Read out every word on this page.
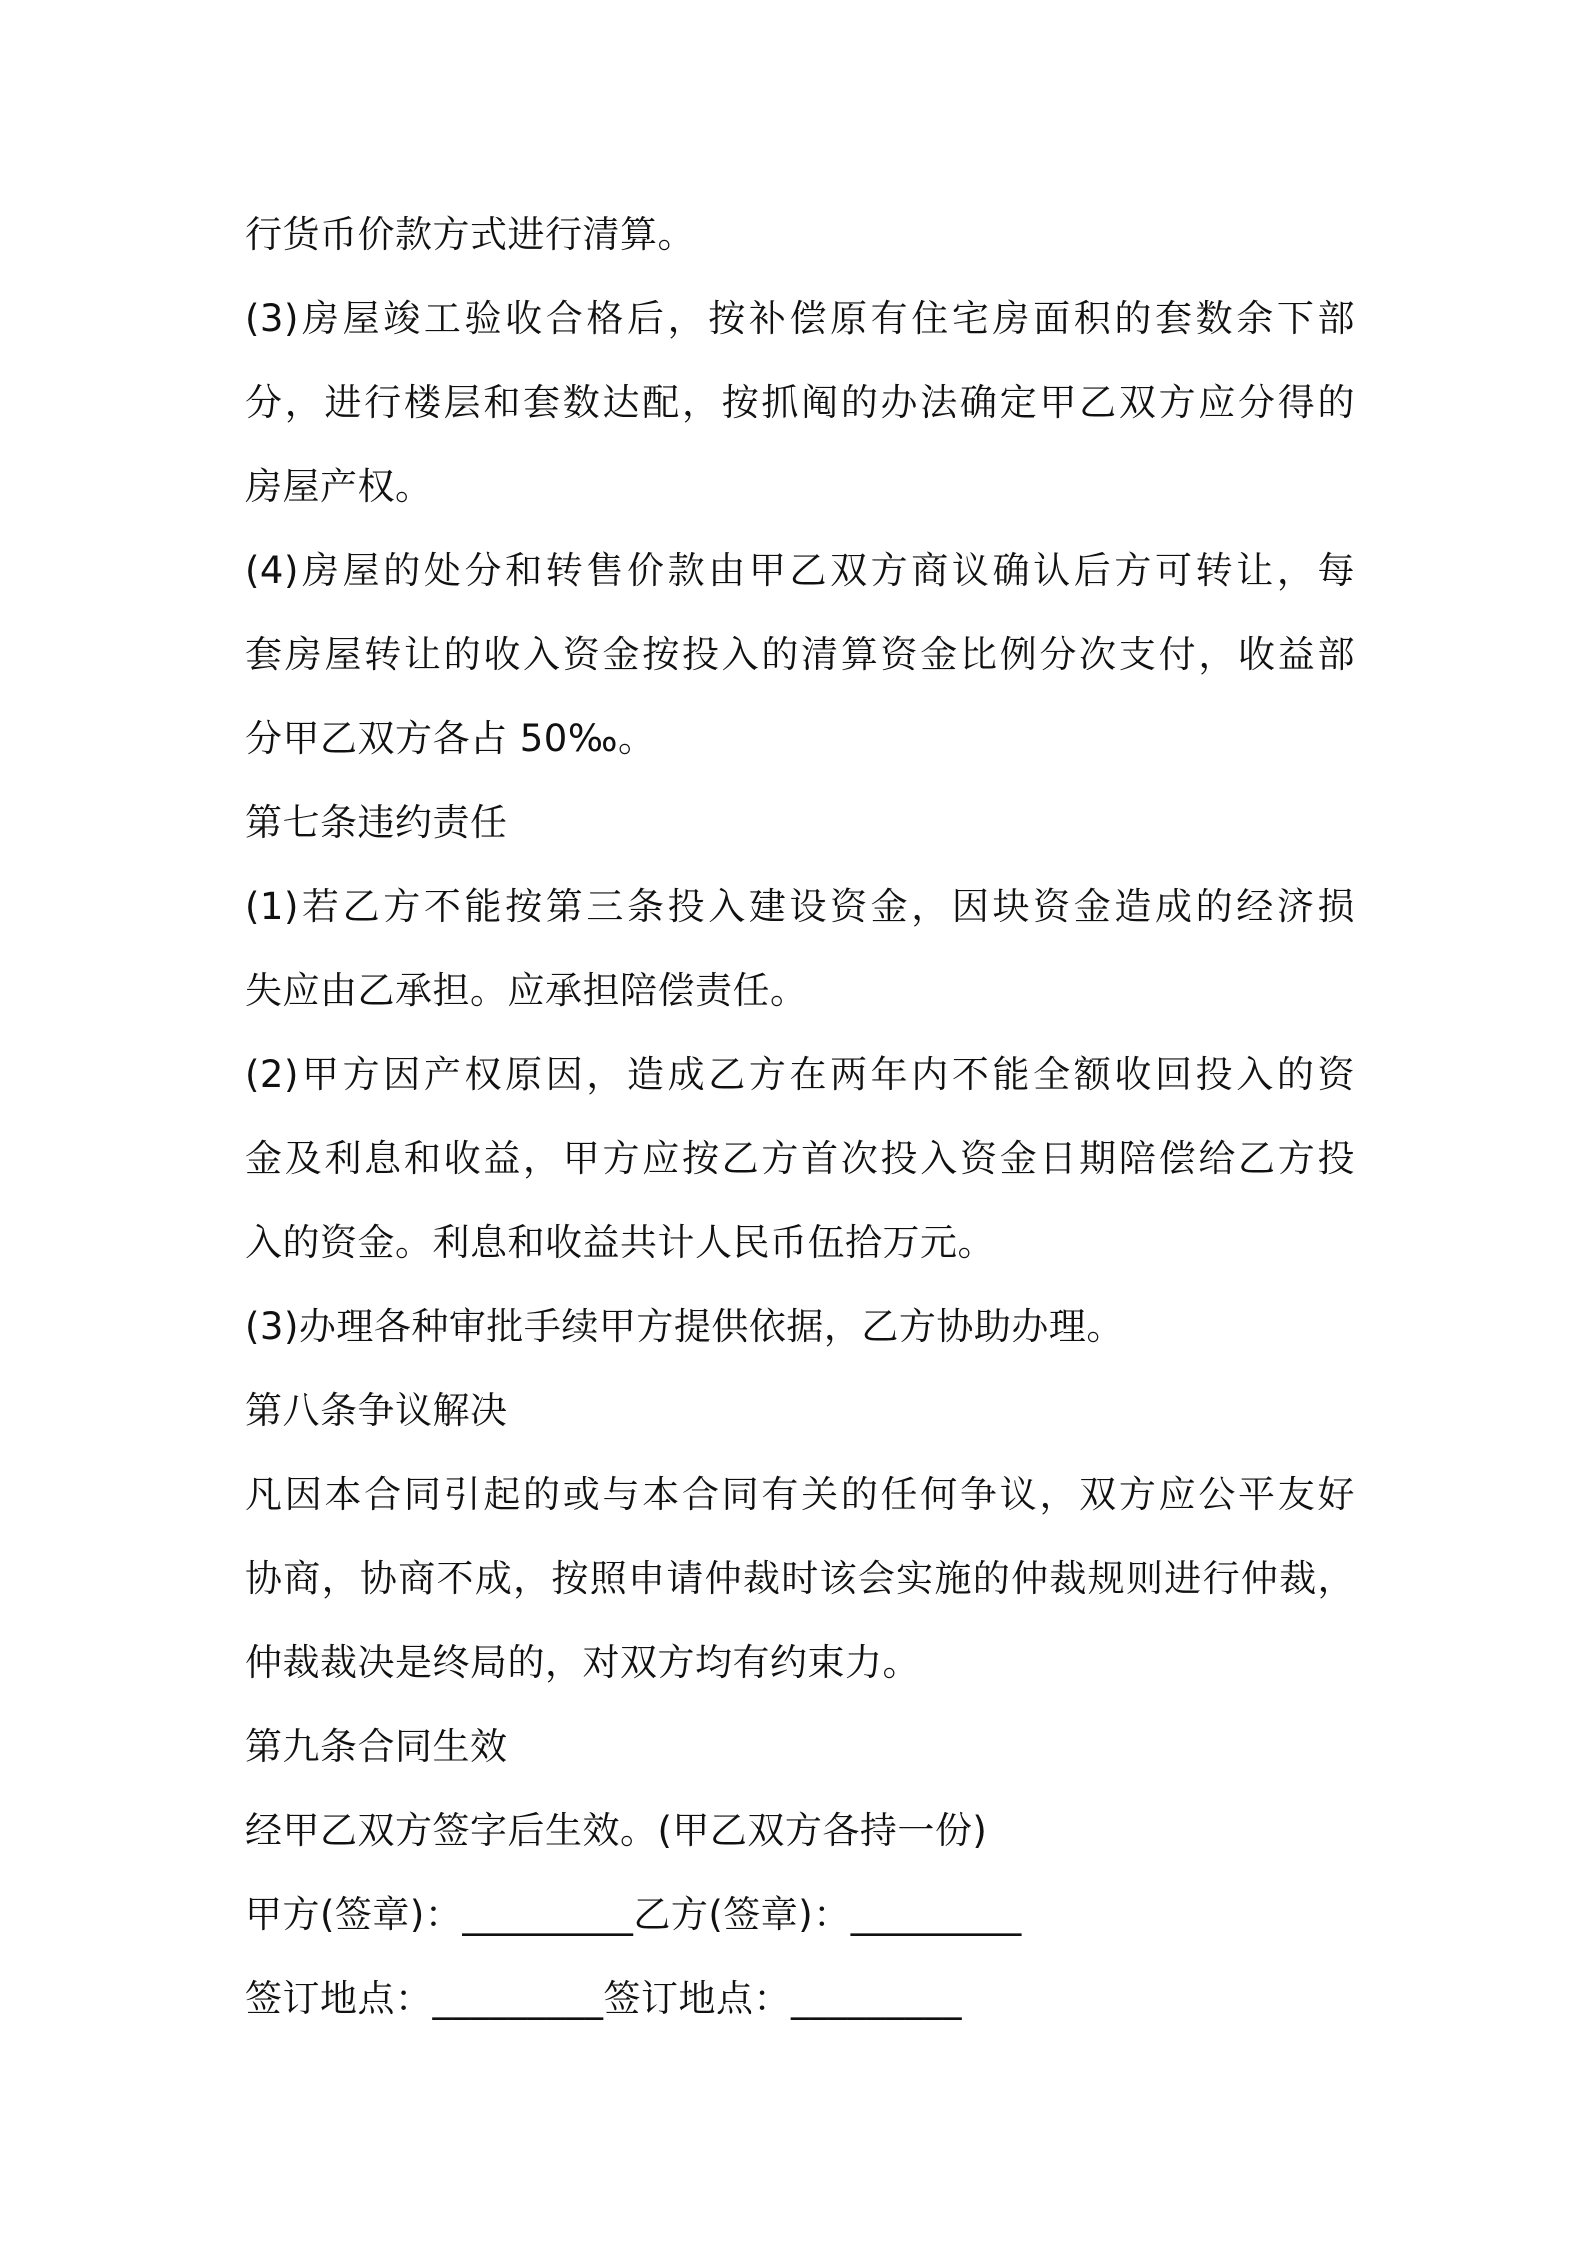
行货币价款方式进行清算。
(3)房屋竣工验收合格后，按补偿原有住宅房面积的套数余下部
分，进行楼层和套数达配，按抓阄的办法确定甲乙双方应分得的
房屋产权。
(4)房屋的处分和转售价款由甲乙双方商议确认后方可转让，每
套房屋转让的收入资金按投入的清算资金比例分次支付，收益部
分甲乙双方各占 50‰。
第七条违约责任
(1)若乙方不能按第三条投入建设资金，因块资金造成的经济损
失应由乙承担。应承担陪偿责任。
(2)甲方因产权原因，造成乙方在两年内不能全额收回投入的资
金及利息和收益，甲方应按乙方首次投入资金日期陪偿给乙方投
入的资金。利息和收益共计人民币伍拾万元。
(3)办理各种审批手续甲方提供依据，乙方协助办理。
第八条争议解决
凡因本合同引起的或与本合同有关的任何争议，双方应公平友好
协商，协商不成，按照申请仲裁时该会实施的仲裁规则进行仲裁，
仲裁裁决是终局的，对双方均有约束力。
第九条合同生效
经甲乙双方签字后生效。(甲乙双方各持一份)
甲方(签章)：_________乙方(签章)：_________
签订地点：_________签订地点：_________
